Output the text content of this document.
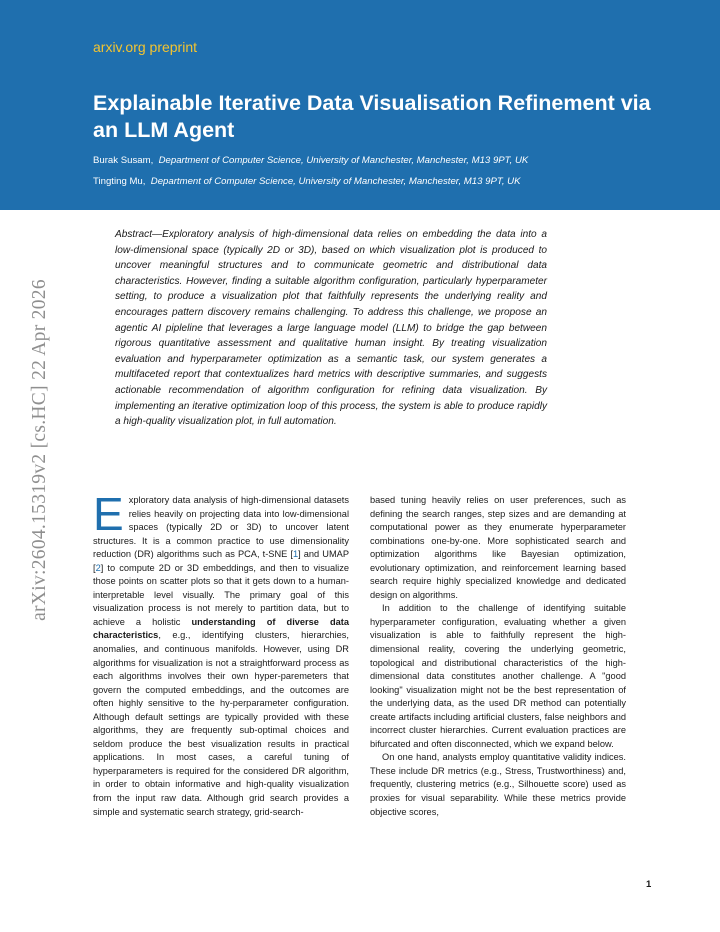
arxiv.org preprint
Explainable Iterative Data Visualisation Refinement via an LLM Agent
Burak Susam, Department of Computer Science, University of Manchester, Manchester, M13 9PT, UK
Tingting Mu, Department of Computer Science, University of Manchester, Manchester, M13 9PT, UK
arXiv:2604.15319v2 [cs.HC] 22 Apr 2026

Abstract—Exploratory analysis of high-dimensional data relies on embedding the data into a low-dimensional space (typically 2D or 3D), based on which visualization plot is produced to uncover meaningful structures and to communicate geometric and distributional data characteristics. However, finding a suitable algorithm configuration, particularly hyperparameter setting, to produce a visualization plot that faithfully represents the underlying reality and encourages pattern discovery remains challenging. To address this challenge, we propose an agentic AI pipleline that leverages a large language model (LLM) to bridge the gap between rigorous quantitative assessment and qualitative human insight. By treating visualization evaluation and hyperparameter optimization as a semantic task, our system generates a multifaceted report that contextualizes hard metrics with descriptive summaries, and suggests actionable recommendation of algorithm configuration for refining data visualization. By implementing an iterative optimization loop of this process, the system is able to produce rapidly a high-quality visualization plot, in full automation.

Exploratory data analysis of high-dimensional datasets relies heavily on projecting data into low-dimensional spaces (typically 2D or 3D) to uncover latent structures. It is a common practice to use dimensionality reduction (DR) algorithms such as PCA, t-SNE [1] and UMAP [2] to compute 2D or 3D embeddings, and then to visualize those points on scatter plots so that it gets down to a human-interpretable level visually. The primary goal of this visualization process is not merely to partition data, but to achieve a holistic understanding of diverse data characteristics, e.g., identifying clusters, hierarchies, anomalies, and continuous manifolds. However, using DR algorithms for visualization is not a straightforward process as each algorithms involves their own hyper-paremeters that govern the computed embeddings, and the outcomes are often highly sensitive to the hy-perparameter configuration. Although default settings are typically provided with these algorithms, they are frequently sub-optimal choices and seldom produce the best visualization results in practical applications. In most cases, a careful tuning of hyperparameters is required for the considered DR algorithm, in order to obtain informative and high-quality visualization from the input raw data. Although grid search provides a simple and systematic search strategy, grid-search-

based tuning heavily relies on user preferences, such as defining the search ranges, step sizes and are demanding at computational power as they enumerate hyperparameter combinations one-by-one. More sophisticated search and optimization algorithms like Bayesian optimization, evolutionary optimization, and reinforcement learning based search require highly specialized knowledge and dedicated design on algorithms.

In addition to the challenge of identifying suitable hyperparameter configuration, evaluating whether a given visualization is able to faithfully represent the high-dimensional reality, covering the underlying geometric, topological and distributional characteristics of the high-dimensional data constitutes another challenge. A "good looking" visualization might not be the best representation of the underlying data, as the used DR method can potentially create artifacts including artificial clusters, false neighbors and incorrect cluster hierarchies. Current evaluation practices are bifurcated and often disconnected, which we expand below.

On one hand, analysts employ quantitative validity indices. These include DR metrics (e.g., Stress, Trustworthiness) and, frequently, clustering metrics (e.g., Silhouette score) used as proxies for visual separability. While these metrics provide objective scores,

1
